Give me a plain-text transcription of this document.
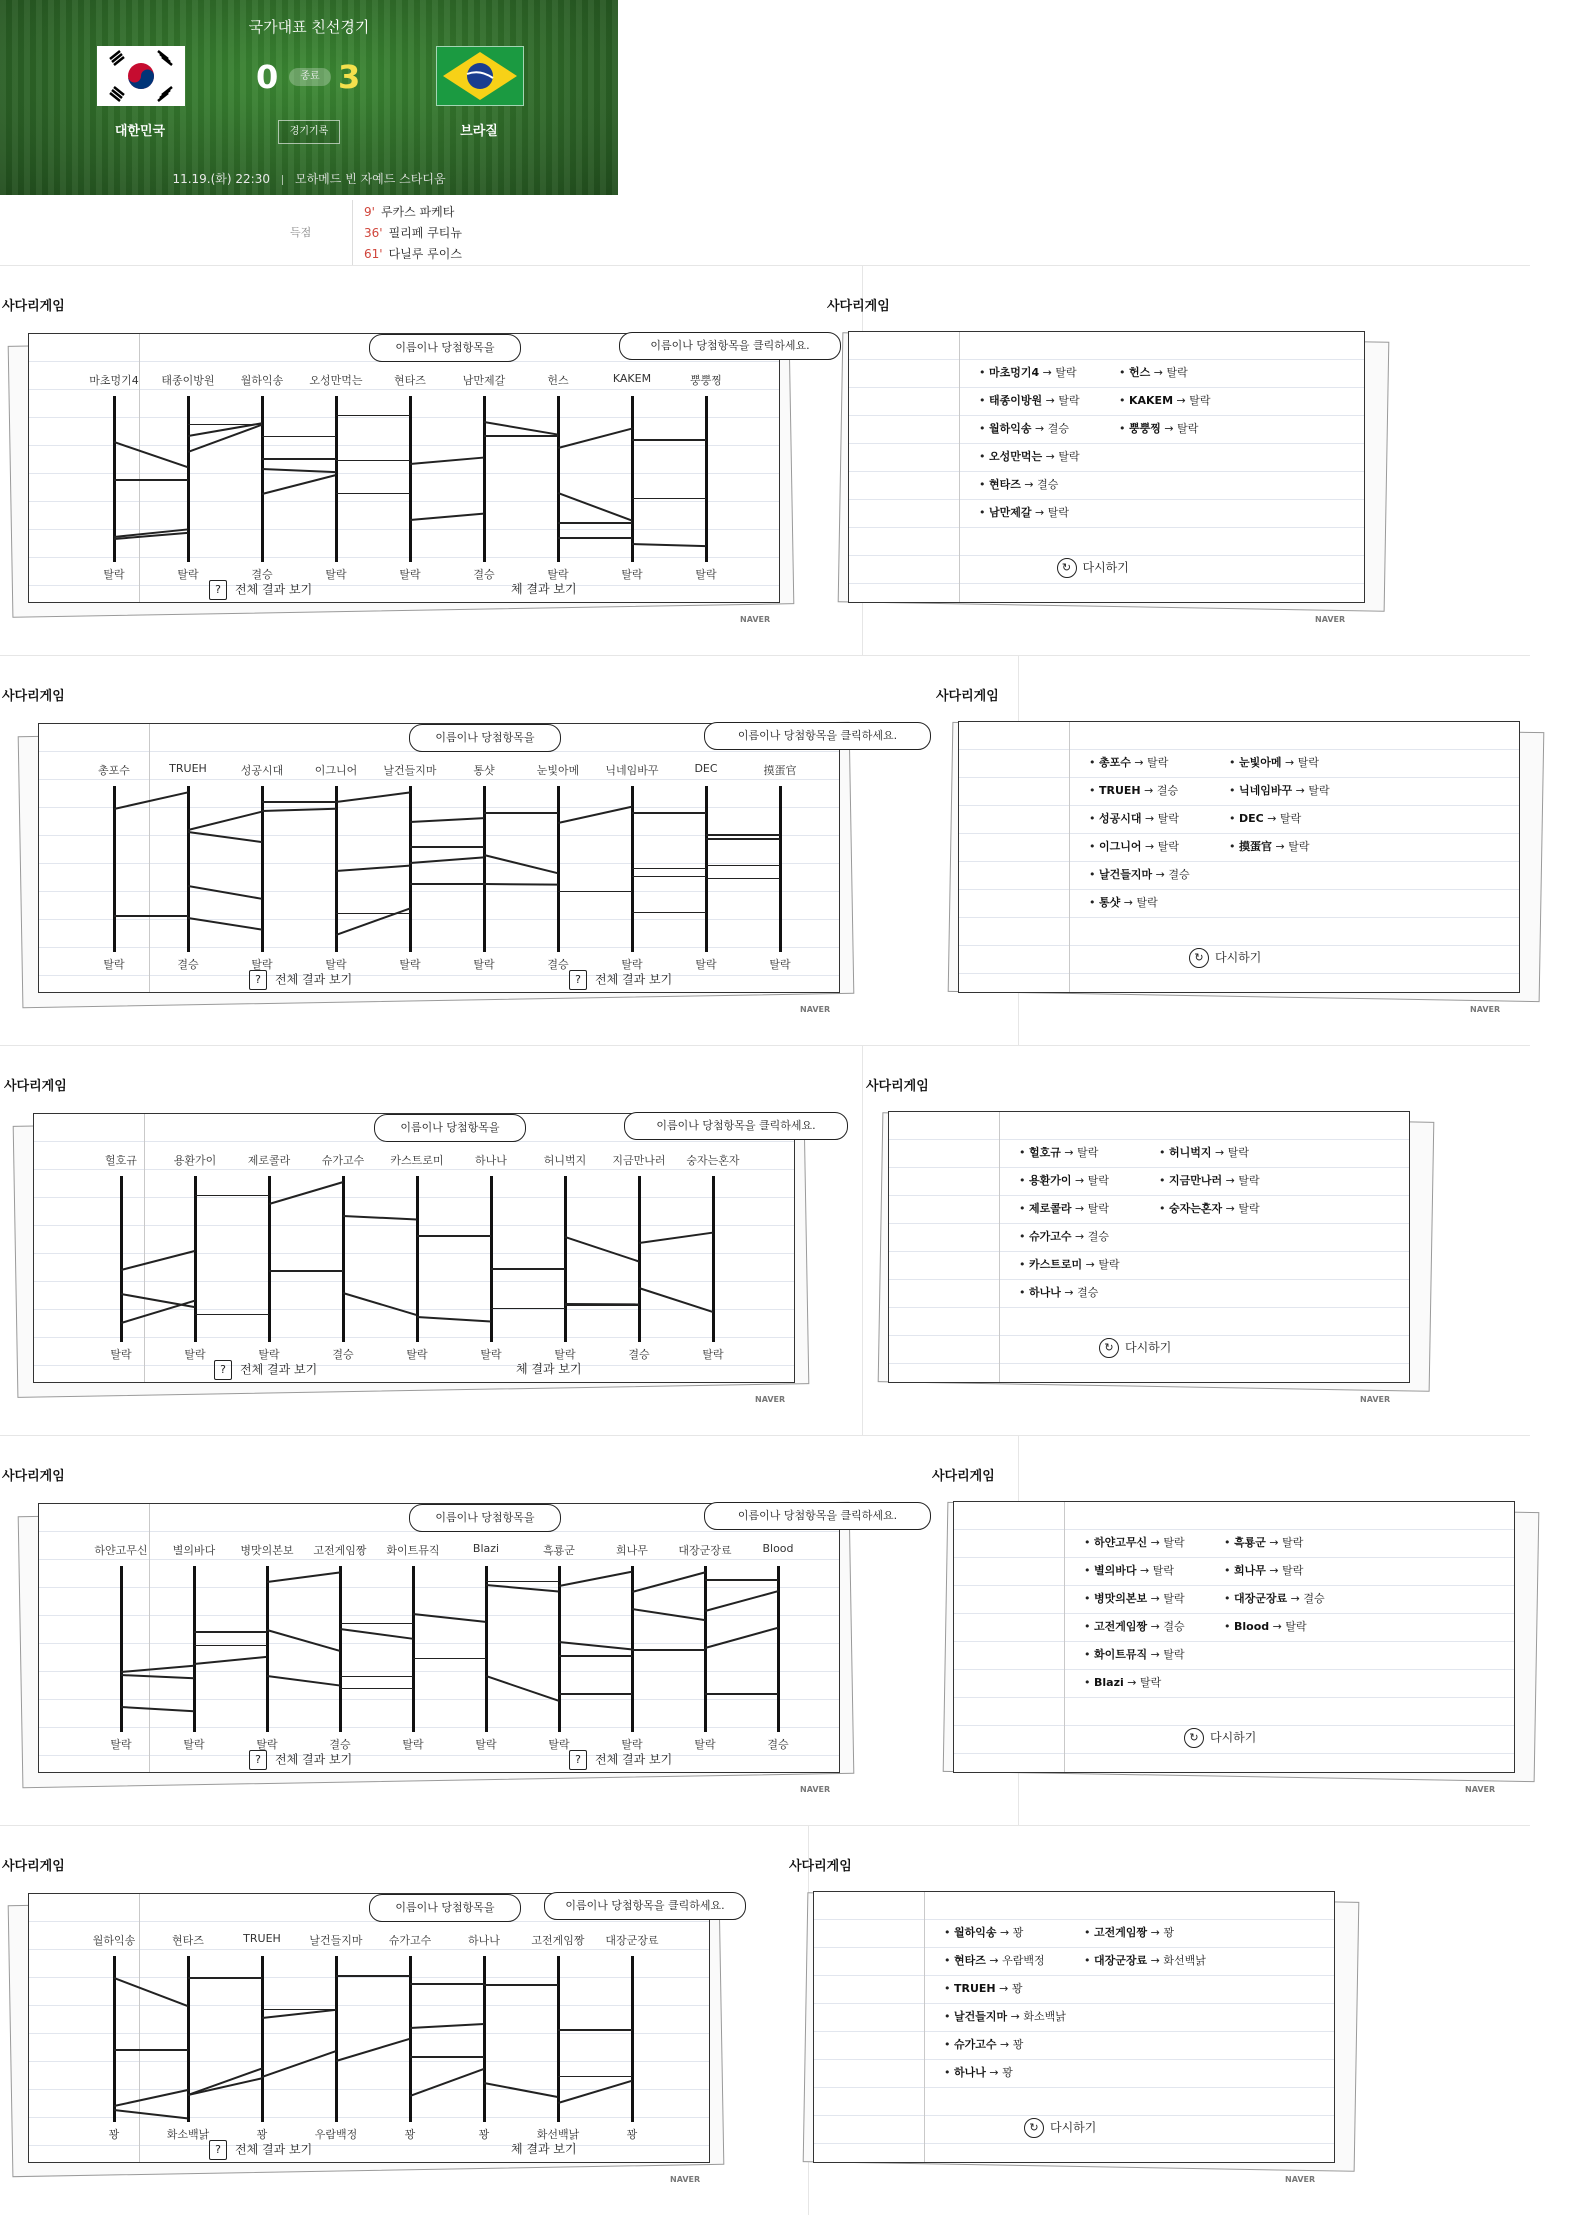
국가대표 친선경기
대한민국
0	종료 3
브라질
경기기록
11.19.(화) 22:30 모하메드 빈 자예드 스타디움
득점
9' 루카스 파케타
36' 필리페 쿠티뉴
61' 다닐루 루이스
사다리게임
이름이나 당첨항목을	이름이나 당첨항목을 클릭하세요.
마초멍기4	태종이방원	월하익송	오성만먹는	현타즈	남만제갈	헌스	KAKEM	뿡뿡찡
탈락	탈락	결승	탈락	탈락	결승	탈락	탈락	탈락
? 전체 결과 보기	체 결과 보기
NAVER
사다리게임
• 마초멍기4 → 탈락
• 태종이방원 → 탈락
• 월하익송 → 결승
• 오성만먹는 → 탈락
• 현타즈 → 결승
• 남만제갈 → 탈락
• 헌스 → 탈락
• KAKEM → 탈락
• 뿡뿡찡 → 탈락
↻ 다시하기
NAVER
사다리게임
이름이나 당첨항목을	이름이나 당첨항목을 클릭하세요.
총포수	TRUEH	성공시대	이그니어	날건들지마	통샷	눈빛아메	닉네임바꾸	DEC	摸蛋官
탈락	결승	탈락	탈락	탈락	탈락	결승	탈락	탈락	탈락
? 전체 결과 보기	? 전체 결과 보기
NAVER
사다리게임
• 총포수 → 탈락
• TRUEH → 결승
• 성공시대 → 탈락
• 이그니어 → 탈락
• 날건들지마 → 결승
• 통샷 → 탈락
• 눈빛아메 → 탈락
• 닉네임바꾸 → 탈락
• DEC → 탈락
• 摸蛋官 → 탈락
↻ 다시하기
NAVER
사다리게임
이름이나 당첨항목을	이름이나 당첨항목을 클릭하세요.
헐호규	용환가이	제로콜라	슈가고수	카스트로미	하나나	허니벅지	지금만나러	숭자는혼자
탈락	탈락	탈락	결승	탈락	탈락	탈락	결승	탈락
? 전체 결과 보기	체 결과 보기
NAVER
사다리게임
• 헐호규 → 탈락
• 용환가이 → 탈락
• 제로콜라 → 탈락
• 슈가고수 → 결승
• 카스트로미 → 탈락
• 하나나 → 결승
• 허니벅지 → 탈락
• 지금만나러 → 탈락
• 숭자는혼자 → 탈락
↻ 다시하기
NAVER
사다리게임
이름이나 당첨항목을	이름이나 당첨항목을 클릭하세요.
하얀고무신	별의바다	병맛의본보	고전게임짱	화이트뮤직	Blazi	흑룡군	희나무	대장군장료	Blood
탈락	탈락	탈락	결승	탈락	탈락	탈락	탈락	탈락	결승
? 전체 결과 보기	? 전체 결과 보기
NAVER
사다리게임
• 하얀고무신 → 탈락
• 별의바다 → 탈락
• 병맛의본보 → 탈락
• 고전게임짱 → 결승
• 화이트뮤직 → 탈락
• Blazi → 탈락
• 흑룡군 → 탈락
• 희나무 → 탈락
• 대장군장료 → 결승
• Blood → 탈락
↻ 다시하기
NAVER
사다리게임
이름이나 당첨항목을	이름이나 당첨항목을 클릭하세요.
월하익송	현타즈	TRUEH	날건들지마	슈가고수	하나나	고전게임짱	대장군장료
꽝	화소백낡	꽝	우람백정	꽝	꽝	화선백낡	꽝
? 전체 결과 보기	체 결과 보기
NAVER
사다리게임
• 월하익송 → 꽝
• 현타즈 → 우람백정
• TRUEH → 꽝
• 날건들지마 → 화소백낡
• 슈가고수 → 꽝
• 하나나 → 꽝
• 고전게임짱 → 꽝
• 대장군장료 → 화선백낡
↻ 다시하기
NAVER
